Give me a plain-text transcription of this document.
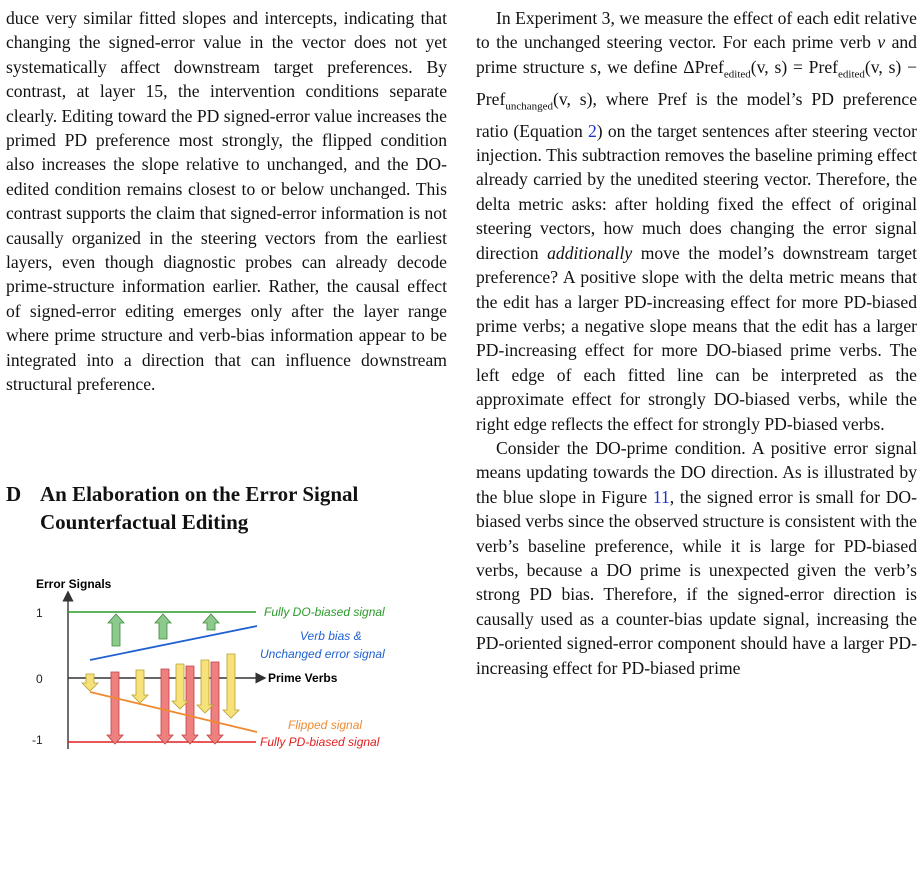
duce very similar fitted slopes and intercepts, indicating that changing the signed-error value in the vector does not yet systematically affect downstream target preferences. By contrast, at layer 15, the intervention conditions separate clearly. Editing toward the PD signed-error value increases the primed PD preference most strongly, the flipped condition also increases the slope relative to unchanged, and the DO-edited condition remains closest to or below unchanged. This contrast supports the claim that signed-error information is not causally organized in the steering vectors from the earliest layers, even though diagnostic probes can already decode prime-structure information earlier. Rather, the causal effect of signed-error editing emerges only after the layer range where prime structure and verb-bias information appear to be integrated into a direction that can influence downstream structural preference.

D An Elaboration on the Error Signal Counterfactual Editing
Error Signals
1
0
-1
Prime Verbs
Fully DO-biased signal
Verb bias &
Unchanged error signal
Flipped signal
Fully PD-biased signal

In Experiment 3, we measure the effect of each edit relative to the unchanged steering vector. For each prime verb v and prime structure s, we define ΔPref$_{edited}$(v, s) = Pref$_{edited}$(v, s) − Pref$_{unchanged}$(v, s), where Pref is the model’s PD preference ratio (Equation 2) on the target sentences after steering vector injection. This subtraction removes the baseline priming effect already carried by the unedited steering vector. Therefore, the delta metric asks: after holding fixed the effect of original steering vectors, how much does changing the error signal direction additionally move the model’s downstream target preference? A positive slope with the delta metric means that the edit has a larger PD-increasing effect for more PD-biased prime verbs; a negative slope means that the edit has a larger PD-increasing effect for more DO-biased prime verbs. The left edge of each fitted line can be interpreted as the approximate effect for strongly DO-biased verbs, while the right edge reflects the effect for strongly PD-biased verbs.

Consider the DO-prime condition. A positive error signal means updating towards the DO direction. As is illustrated by the blue slope in Figure 11, the signed error is small for DO-biased verbs since the observed structure is consistent with the verb’s baseline preference, while it is large for PD-biased verbs, because a DO prime is unexpected given the verb’s strong PD bias. Therefore, if the signed-error direction is causally used as a counter-bias update signal, increasing the PD-oriented signed-error component should have a larger PD-increasing effect for PD-biased prime
